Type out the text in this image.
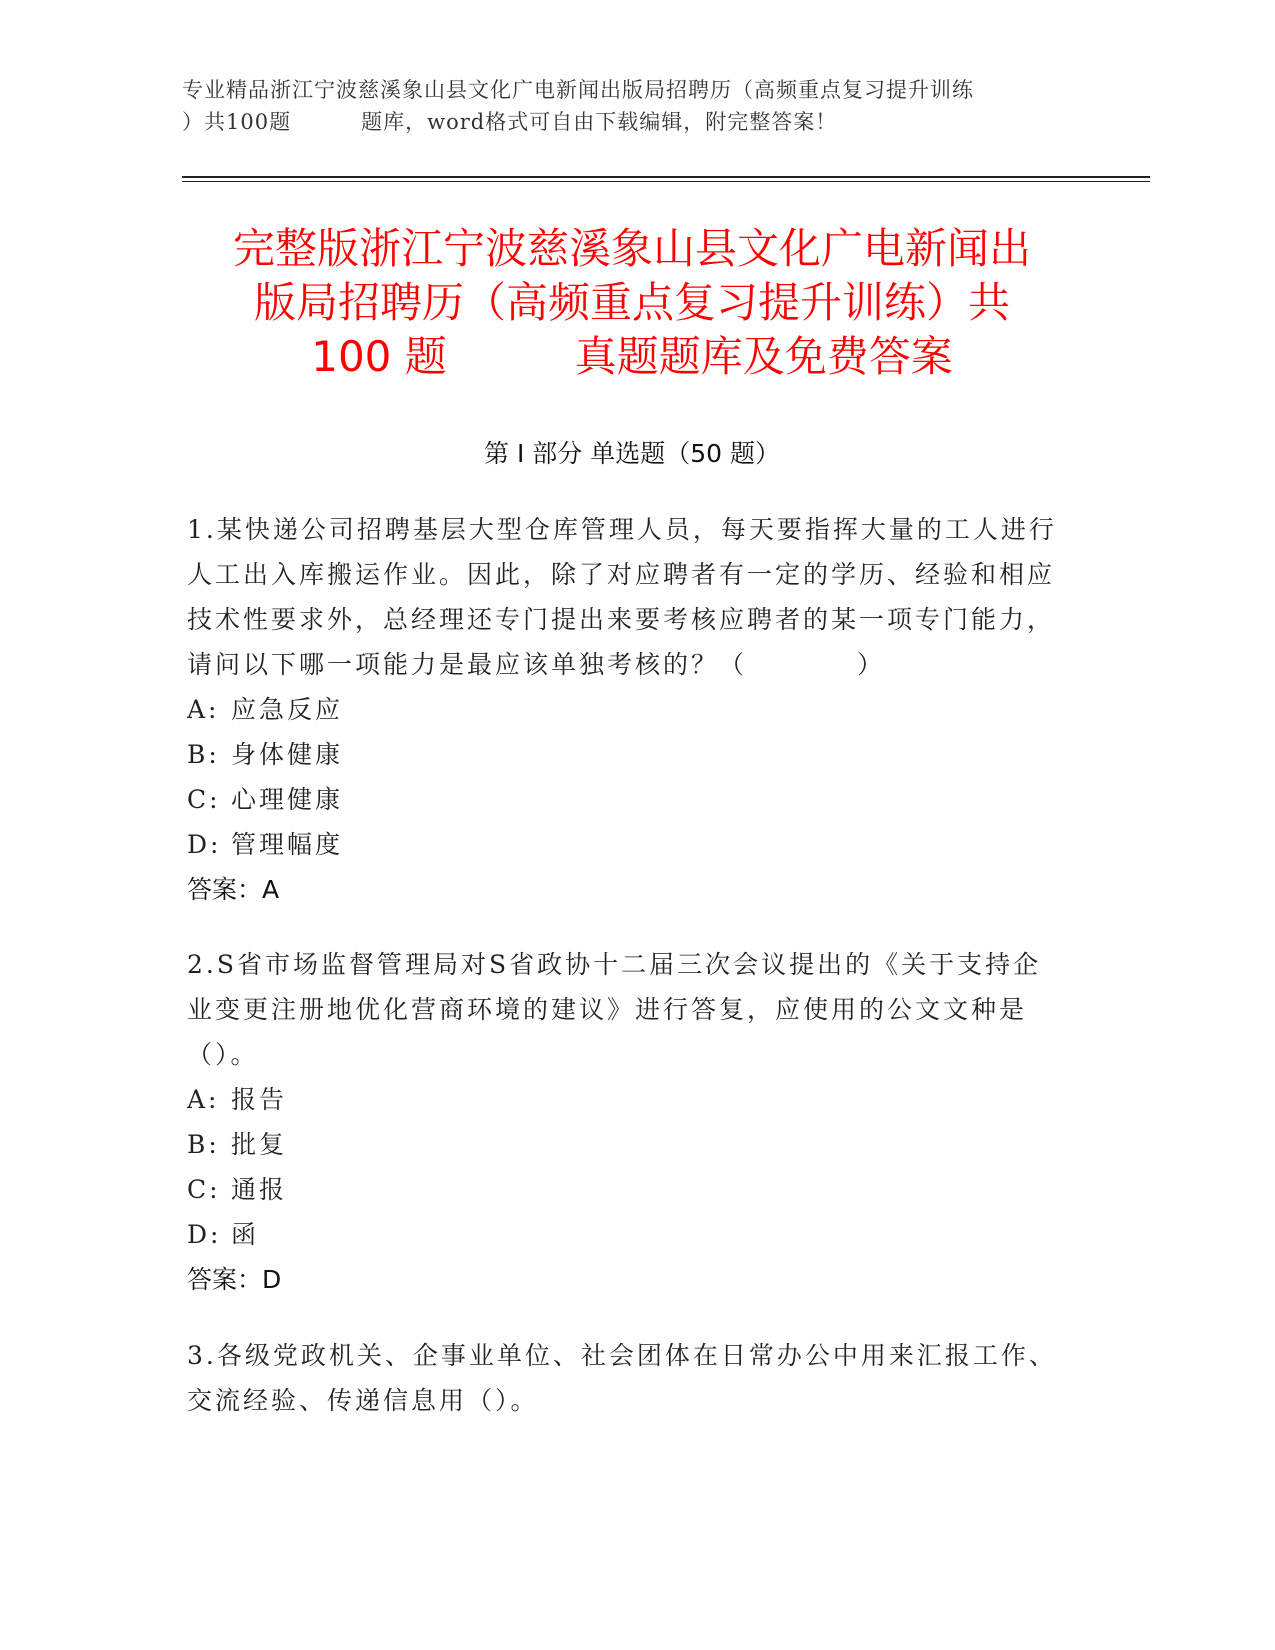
专业精品浙江宁波慈溪象山县文化广电新闻出版局招聘历（高频重点复习提升训练
）共100题	题库，word格式可自由下载编辑，附完整答案！
完整版浙江宁波慈溪象山县文化广电新闻出
版局招聘历（高频重点复习提升训练）共
100 题	真题题库及免费答案
第 I 部分 单选题（50 题）
1.某快递公司招聘基层大型仓库管理人员，每天要指挥大量的工人进行人工出入库搬运作业。因此，除了对应聘者有一定的学历、经验和相应技术性要求外，总经理还专门提出来要考核应聘者的某一项专门能力，请问以下哪一项能力是最应该单独考核的？（	）
A: 应急反应
B: 身体健康
C: 心理健康
D: 管理幅度
答案：A
2.S省市场监督管理局对S省政协十二届三次会议提出的《关于支持企业变更注册地优化营商环境的建议》进行答复，应使用的公文文种是（）。
A: 报告
B: 批复
C: 通报
D: 函
答案：D
3.各级党政机关、企事业单位、社会团体在日常办公中用来汇报工作、交流经验、传递信息用（）。
